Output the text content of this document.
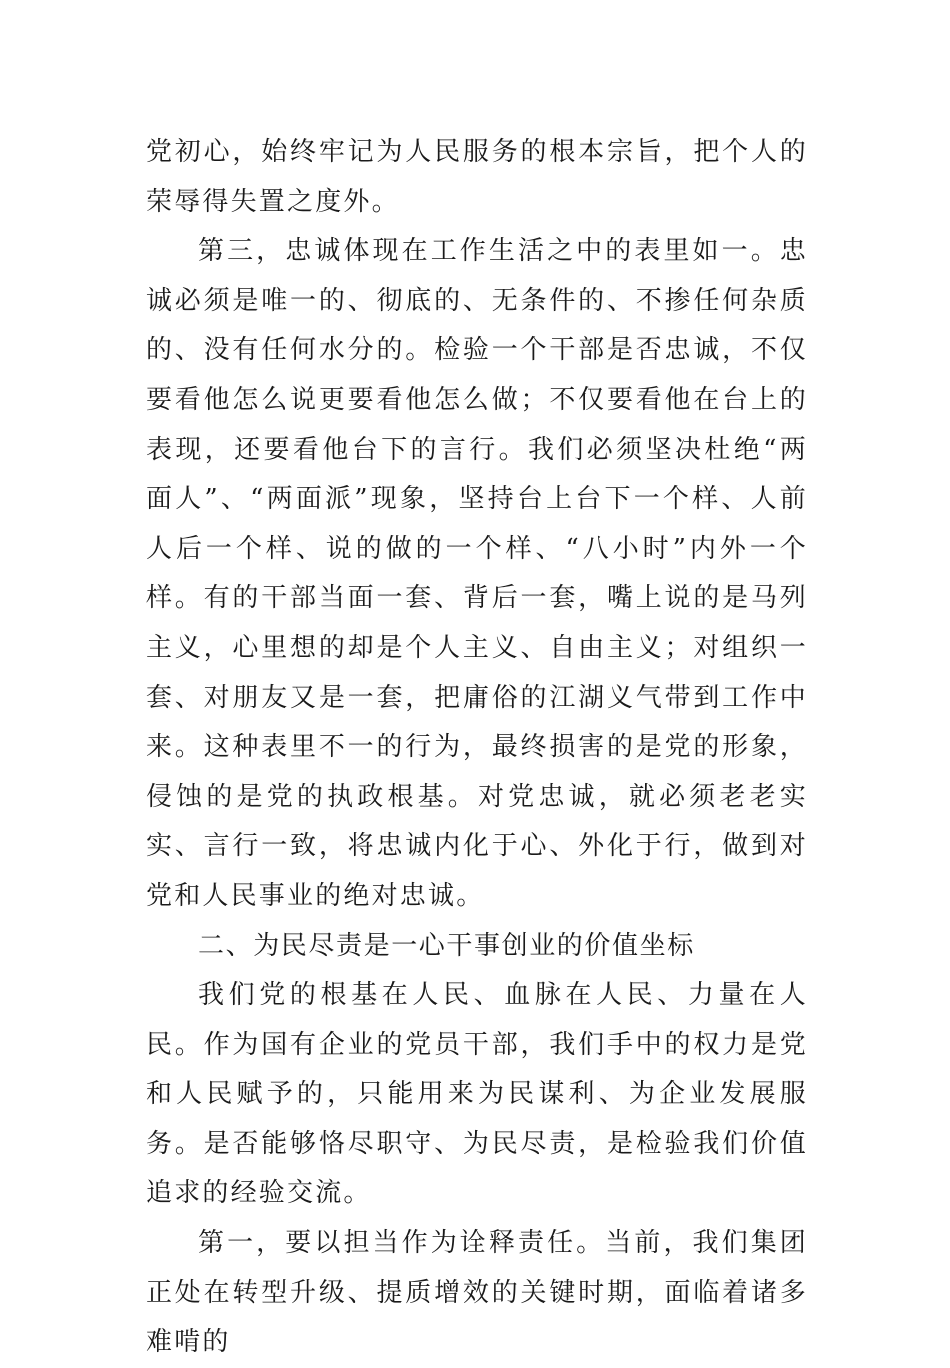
党初心，始终牢记为人民服务的根本宗旨，把个人的荣辱得失置之度外。

第三，忠诚体现在工作生活之中的表里如一。忠诚必须是唯一的、彻底的、无条件的、不掺任何杂质的、没有任何水分的。检验一个干部是否忠诚，不仅要看他怎么说更要看他怎么做；不仅要看他在台上的表现，还要看他台下的言行。我们必须坚决杜绝“两面人”、“两面派”现象，坚持台上台下一个样、人前人后一个样、说的做的一个样、“八小时”内外一个样。有的干部当面一套、背后一套，嘴上说的是马列主义，心里想的却是个人主义、自由主义；对组织一套、对朋友又是一套，把庸俗的江湖义气带到工作中来。这种表里不一的行为，最终损害的是党的形象，侵蚀的是党的执政根基。对党忠诚，就必须老老实实、言行一致，将忠诚内化于心、外化于行，做到对党和人民事业的绝对忠诚。

二、为民尽责是一心干事创业的价值坐标

我们党的根基在人民、血脉在人民、力量在人民。作为国有企业的党员干部，我们手中的权力是党和人民赋予的，只能用来为民谋利、为企业发展服务。是否能够恪尽职守、为民尽责，是检验我们价值追求的经验交流。

第一，要以担当作为诠释责任。当前，我们集团正处在转型升级、提质增效的关键时期，面临着诸多难啃的
